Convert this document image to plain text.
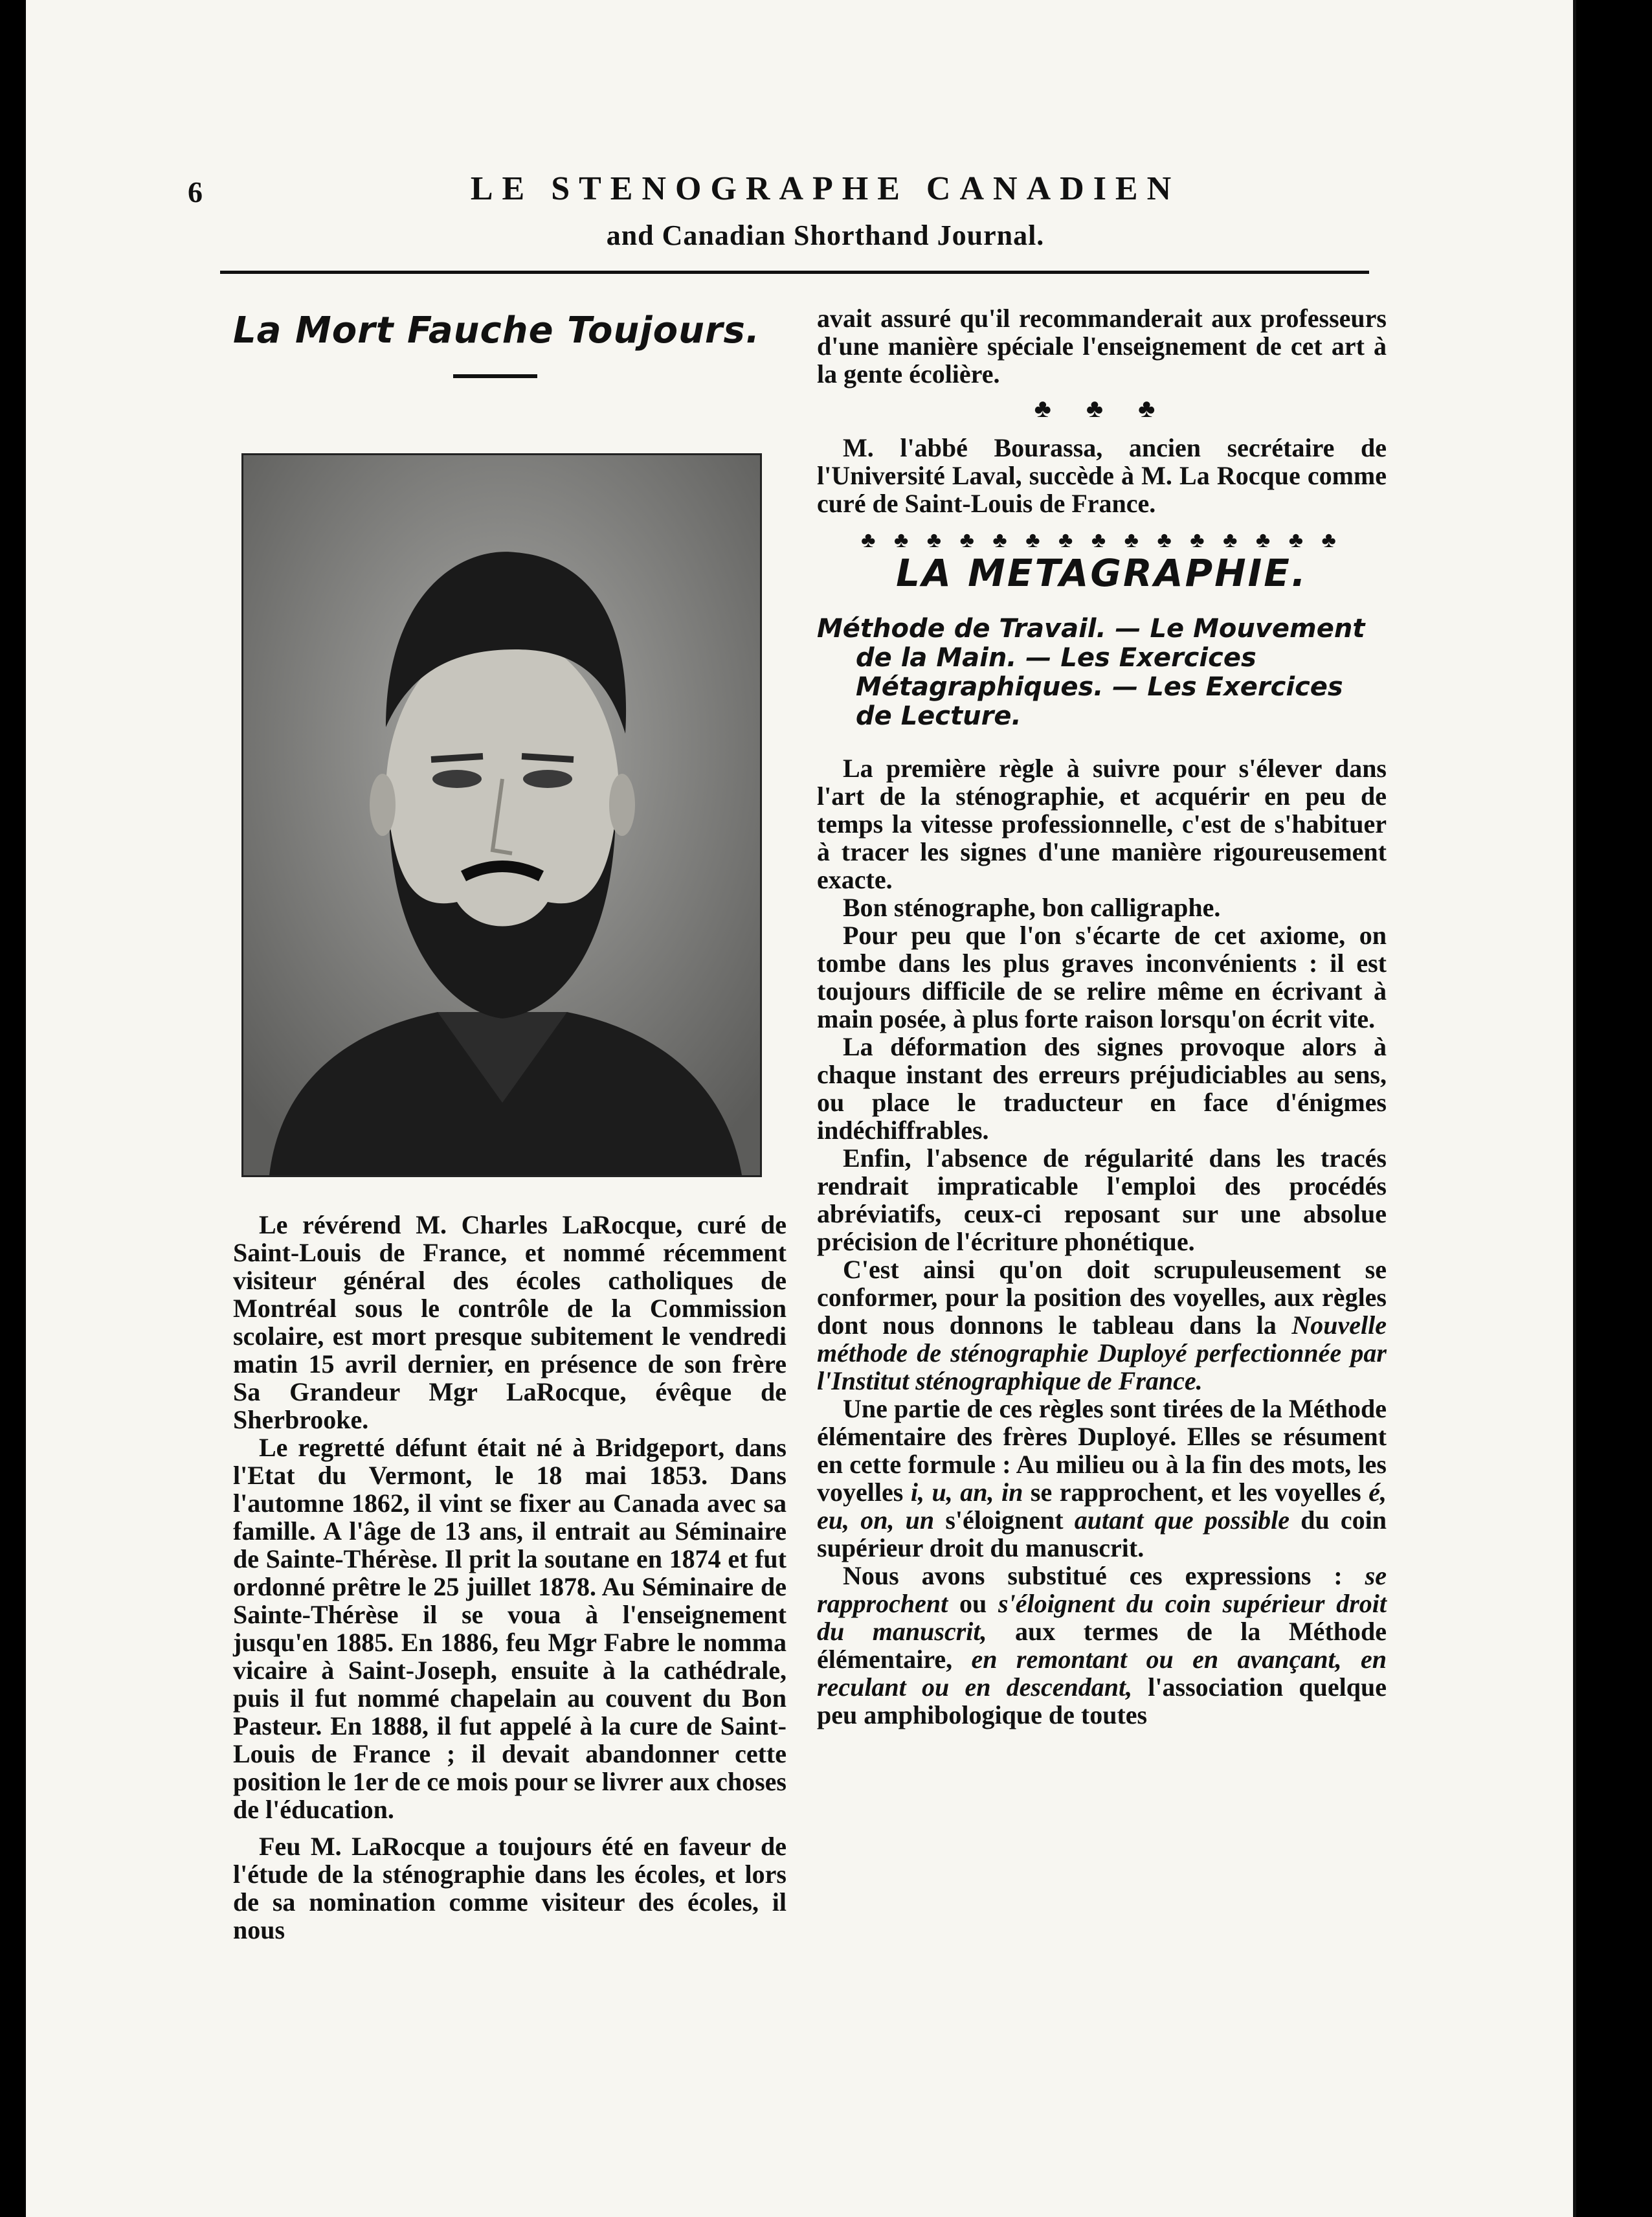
6	LE STENOGRAPHE CANADIEN
and Canadian Shorthand Journal.
La Mort Fauche Toujours.

Le révérend M. Charles LaRocque, curé de Saint-Louis de France, et nommé récemment visiteur général des écoles catholiques de Montréal sous le contrôle de la Commission scolaire, est mort presque subitement le vendredi matin 15 avril dernier, en présence de son frère Sa Grandeur Mgr LaRocque, évêque de Sherbrooke.

Le regretté défunt était né à Bridgeport, dans l'Etat du Vermont, le 18 mai 1853. Dans l'automne 1862, il vint se fixer au Canada avec sa famille. A l'âge de 13 ans, il entrait au Séminaire de Sainte-Thérèse. Il prit la soutane en 1874 et fut ordonné prêtre le 25 juillet 1878. Au Séminaire de Sainte-Thérèse il se voua à l'enseignement jusqu'en 1885. En 1886, feu Mgr Fabre le nomma vicaire à Saint-Joseph, ensuite à la cathédrale, puis il fut nommé chapelain au couvent du Bon Pasteur. En 1888, il fut appelé à la cure de Saint-Louis de France ; il devait abandonner cette position le 1er de ce mois pour se livrer aux choses de l'éducation.

Feu M. LaRocque a toujours été en faveur de l'étude de la sténographie dans les écoles, et lors de sa nomination comme visiteur des écoles, il nous

avait assuré qu'il recommanderait aux professeurs d'une manière spéciale l'enseignement de cet art à la gente écolière.

♣ ♣ ♣

M. l'abbé Bourassa, ancien secrétaire de l'Université Laval, succède à M. La Rocque comme curé de Saint-Louis de France.

♣ ♣ ♣ ♣ ♣ ♣ ♣ ♣ ♣ ♣ ♣ ♣ ♣ ♣ ♣
LA METAGRAPHIE.
Méthode de Travail. — Le Mouvement de la Main. — Les Exercices Métagraphiques. — Les Exercices de Lecture.

La première règle à suivre pour s'élever dans l'art de la sténographie, et acquérir en peu de temps la vitesse professionnelle, c'est de s'habituer à tracer les signes d'une manière rigoureusement exacte.

Bon sténographe, bon calligraphe.

Pour peu que l'on s'écarte de cet axiome, on tombe dans les plus graves inconvénients : il est toujours difficile de se relire même en écrivant à main posée, à plus forte raison lorsqu'on écrit vite.

La déformation des signes provoque alors à chaque instant des erreurs préjudiciables au sens, ou place le traducteur en face d'énigmes indéchiffrables.

Enfin, l'absence de régularité dans les tracés rendrait impraticable l'emploi des procédés abréviatifs, ceux-ci reposant sur une absolue précision de l'écriture phonétique.

C'est ainsi qu'on doit scrupuleusement se conformer, pour la position des voyelles, aux règles dont nous donnons le tableau dans la Nouvelle méthode de sténographie Duployé perfectionnée par l'Institut sténographique de France.

Une partie de ces règles sont tirées de la Méthode élémentaire des frères Duployé. Elles se résument en cette formule : Au milieu ou à la fin des mots, les voyelles i, u, an, in se rapprochent, et les voyelles é, eu, on, un s'éloignent autant que possible du coin supérieur droit du manuscrit.

Nous avons substitué ces expressions : se rapprochent ou s'éloignent du coin supérieur droit du manuscrit, aux termes de la Méthode élémentaire, en remontant ou en avançant, en reculant ou en descendant, l'association quelque peu amphibologique de toutes
